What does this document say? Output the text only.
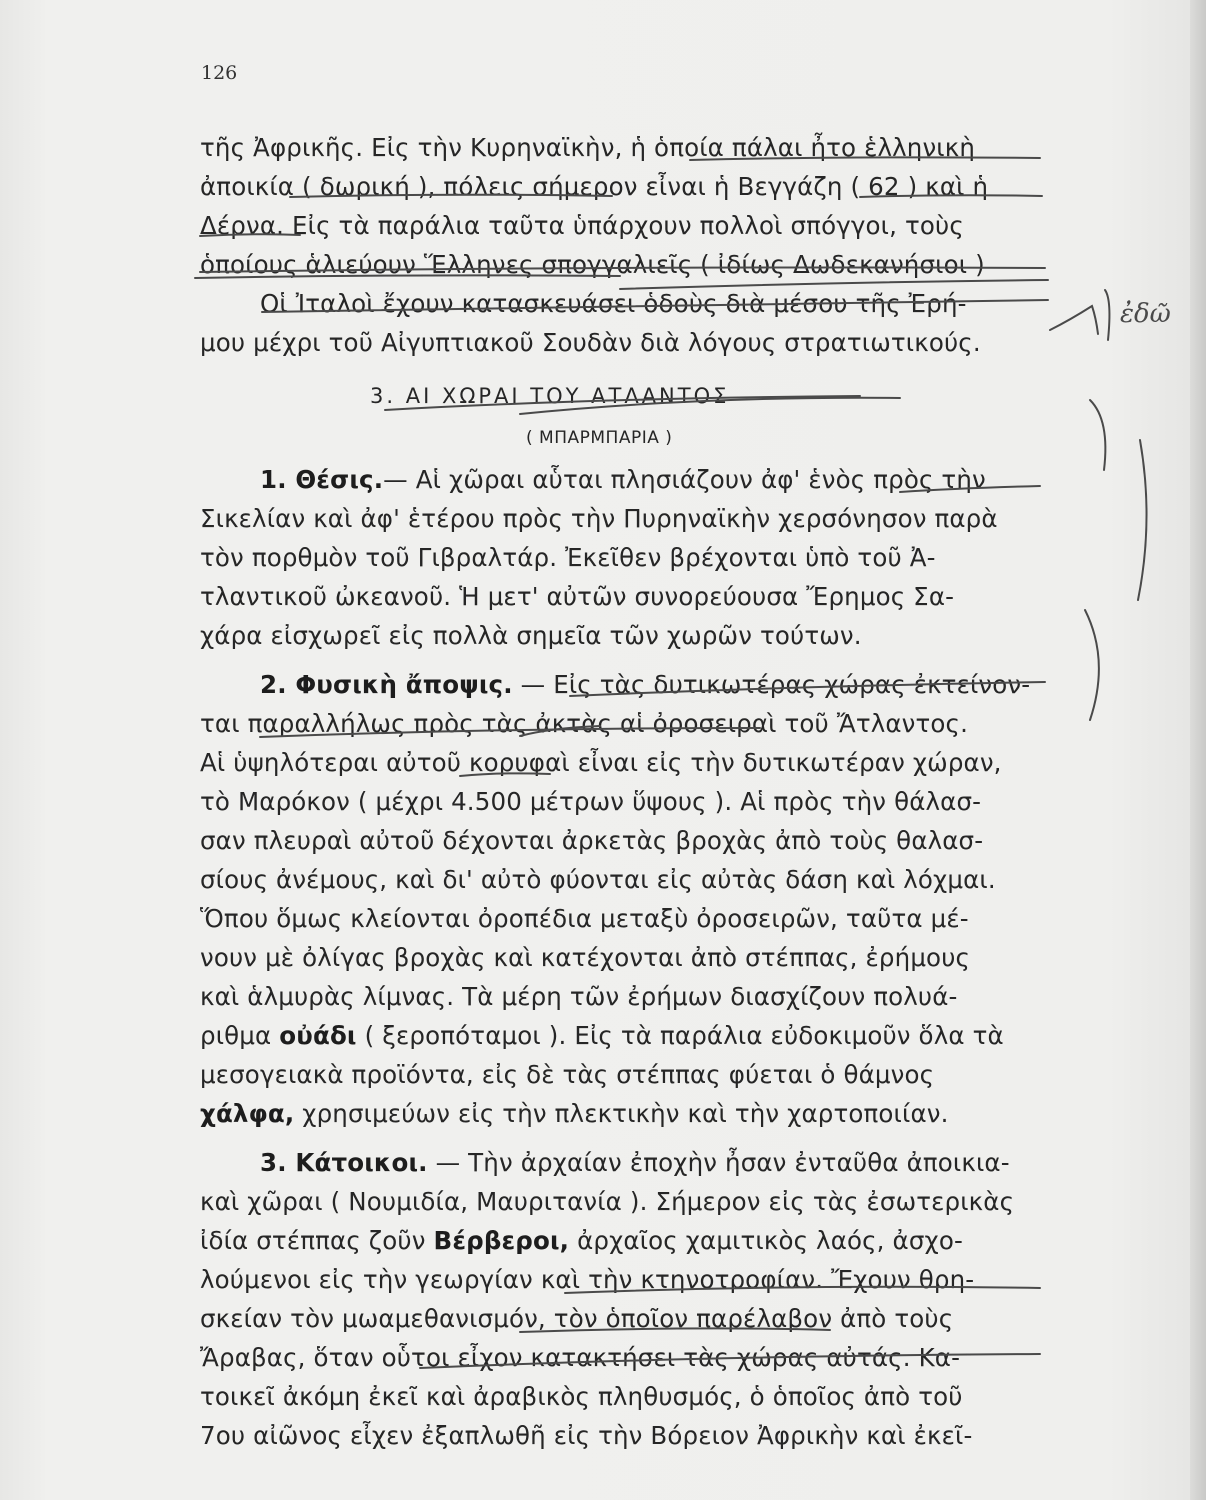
126
τῆς Ἀφρικῆς. Εἰς τὴν Κυρηναϊκὴν, ἡ ὁποία πάλαι ἦτο ἑλληνικὴ
ἀποικία ( δωρική ), πόλεις σήμερον εἶναι ἡ Βεγγάζη ( 62 ) καὶ ἡ
Δέρνα. Εἰς τὰ παράλια ταῦτα ὑπάρχουν πολλοὶ σπόγγοι, τοὺς
ὁποίους ἁλιεύουν Ἕλληνες σπογγαλιεῖς ( ἰδίως Δωδεκανήσιοι )
Οἱ Ἰταλοὶ ἔχουν κατασκευάσει ὁδοὺς διὰ μέσου τῆς Ἐρή-
μου μέχρι τοῦ Αἰγυπτιακοῦ Σουδὰν διὰ λόγους στρατιωτικούς.
3. ΑΙ ΧΩΡΑΙ ΤΟΥ ΑΤΛΑΝΤΟΣ
( ΜΠΑΡΜΠΑΡΙΑ )
1. Θέσις.— Αἱ χῶραι αὗται πλησιάζουν ἀφ' ἑνὸς πρὸς τὴν
Σικελίαν καὶ ἀφ' ἑτέρου πρὸς τὴν Πυρηναϊκὴν χερσόνησον παρὰ
τὸν πορθμὸν τοῦ Γιβραλτάρ. Ἐκεῖθεν βρέχονται ὑπὸ τοῦ Ἀ-
τλαντικοῦ ὠκεανοῦ. Ἡ μετ' αὐτῶν συνορεύουσα Ἔρημος Σα-
χάρα εἰσχωρεῖ εἰς πολλὰ σημεῖα τῶν χωρῶν τούτων.
2. Φυσικὴ ἄποψις. — Εἰς τὰς δυτικωτέρας χώρας ἐκτείνον-
ται παραλλήλως πρὸς τὰς ἀκτὰς αἱ ὀροσειραὶ τοῦ Ἄτλαντος.
Αἱ ὑψηλότεραι αὐτοῦ κορυφαὶ εἶναι εἰς τὴν δυτικωτέραν χώραν,
τὸ Μαρόκον ( μέχρι 4.500 μέτρων ὕψους ). Αἱ πρὸς τὴν θάλασ-
σαν πλευραὶ αὐτοῦ δέχονται ἀρκετὰς βροχὰς ἀπὸ τοὺς θαλασ-
σίους ἀνέμους, καὶ δι' αὐτὸ φύονται εἰς αὐτὰς δάση καὶ λόχμαι.
Ὅπου ὅμως κλείονται ὀροπέδια μεταξὺ ὀροσειρῶν, ταῦτα μέ-
νουν μὲ ὀλίγας βροχὰς καὶ κατέχονται ἀπὸ στέππας, ἐρήμους
καὶ ἁλμυρὰς λίμνας. Τὰ μέρη τῶν ἐρήμων διασχίζουν πολυά-
ριθμα οὐάδι ( ξεροπόταμοι ). Εἰς τὰ παράλια εὐδοκιμοῦν ὅλα τὰ
μεσογειακὰ προϊόντα, εἰς δὲ τὰς στέππας φύεται ὁ θάμνος
χάλφα, χρησιμεύων εἰς τὴν πλεκτικὴν καὶ τὴν χαρτοποιίαν.
3. Κάτοικοι. — Τὴν ἀρχαίαν ἐποχὴν ἦσαν ἐνταῦθα ἀποικια-
καὶ χῶραι ( Νουμιδία, Μαυριτανία ). Σήμερον εἰς τὰς ἐσωτερικὰς
ἰδία στέππας ζοῦν Βέρβεροι, ἀρχαῖος χαμιτικὸς λαός, ἀσχο-
λούμενοι εἰς τὴν γεωργίαν καὶ τὴν κτηνοτροφίαν. Ἔχουν θρη-
σκείαν τὸν μωαμεθανισμόν, τὸν ὁποῖον παρέλαβον ἀπὸ τοὺς
Ἄραβας, ὅταν οὗτοι εἶχον κατακτήσει τὰς χώρας αὐτάς. Κα-
τοικεῖ ἀκόμη ἐκεῖ καὶ ἀραβικὸς πληθυσμός, ὁ ὁποῖος ἀπὸ τοῦ
7ου αἰῶνος εἶχεν ἐξαπλωθῆ εἰς τὴν Βόρειον Ἀφρικὴν καὶ ἐκεῖ-
ἐδῶ
